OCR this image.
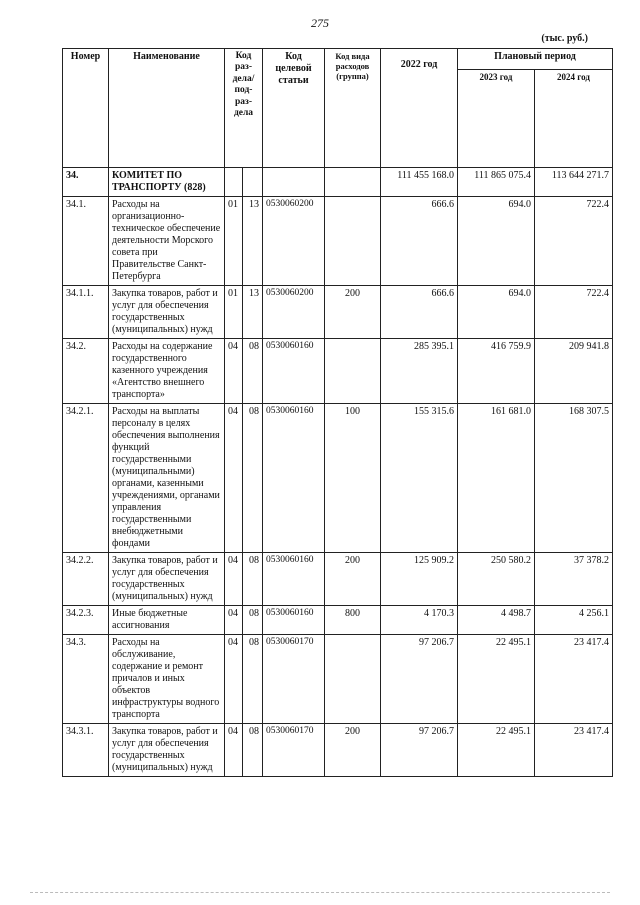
275
(тыс. руб.)
Номер	Наименование	Код раз-дела/ под-раз-дела		Код целевой статьи	Код вида расходов (группа)	2022 год	Плановый период	
							2023 год	2024 год
34.	КОМИТЕТ ПО ТРАНСПОРТУ (828)					111 455 168.0	111 865 075.4	113 644 271.7
34.1.	Расходы на организационно-техническое обеспечение деятельности Морского совета при Правительстве Санкт-Петербурга	01	13	0530060200		666.6	694.0	722.4
34.1.1.	Закупка товаров, работ и услуг для обеспечения государственных (муниципальных) нужд	01	13	0530060200	200	666.6	694.0	722.4
34.2.	Расходы на содержание государственного казенного учреждения «Агентство внешнего транспорта»	04	08	0530060160		285 395.1	416 759.9	209 941.8
34.2.1.	Расходы на выплаты персоналу в целях обеспечения выполнения функций государственными (муниципальными) органами, казенными учреждениями, органами управления государственными внебюджетными фондами	04	08	0530060160	100	155 315.6	161 681.0	168 307.5
34.2.2.	Закупка товаров, работ и услуг для обеспечения государственных (муниципальных) нужд	04	08	0530060160	200	125 909.2	250 580.2	37 378.2
34.2.3.	Иные бюджетные ассигнования	04	08	0530060160	800	4 170.3	4 498.7	4 256.1
34.3.	Расходы на обслуживание, содержание и ремонт причалов и иных объектов инфраструктуры водного транспорта	04	08	0530060170		97 206.7	22 495.1	23 417.4
34.3.1.	Закупка товаров, работ и услуг для обеспечения государственных (муниципальных) нужд	04	08	0530060170	200	97 206.7	22 495.1	23 417.4
